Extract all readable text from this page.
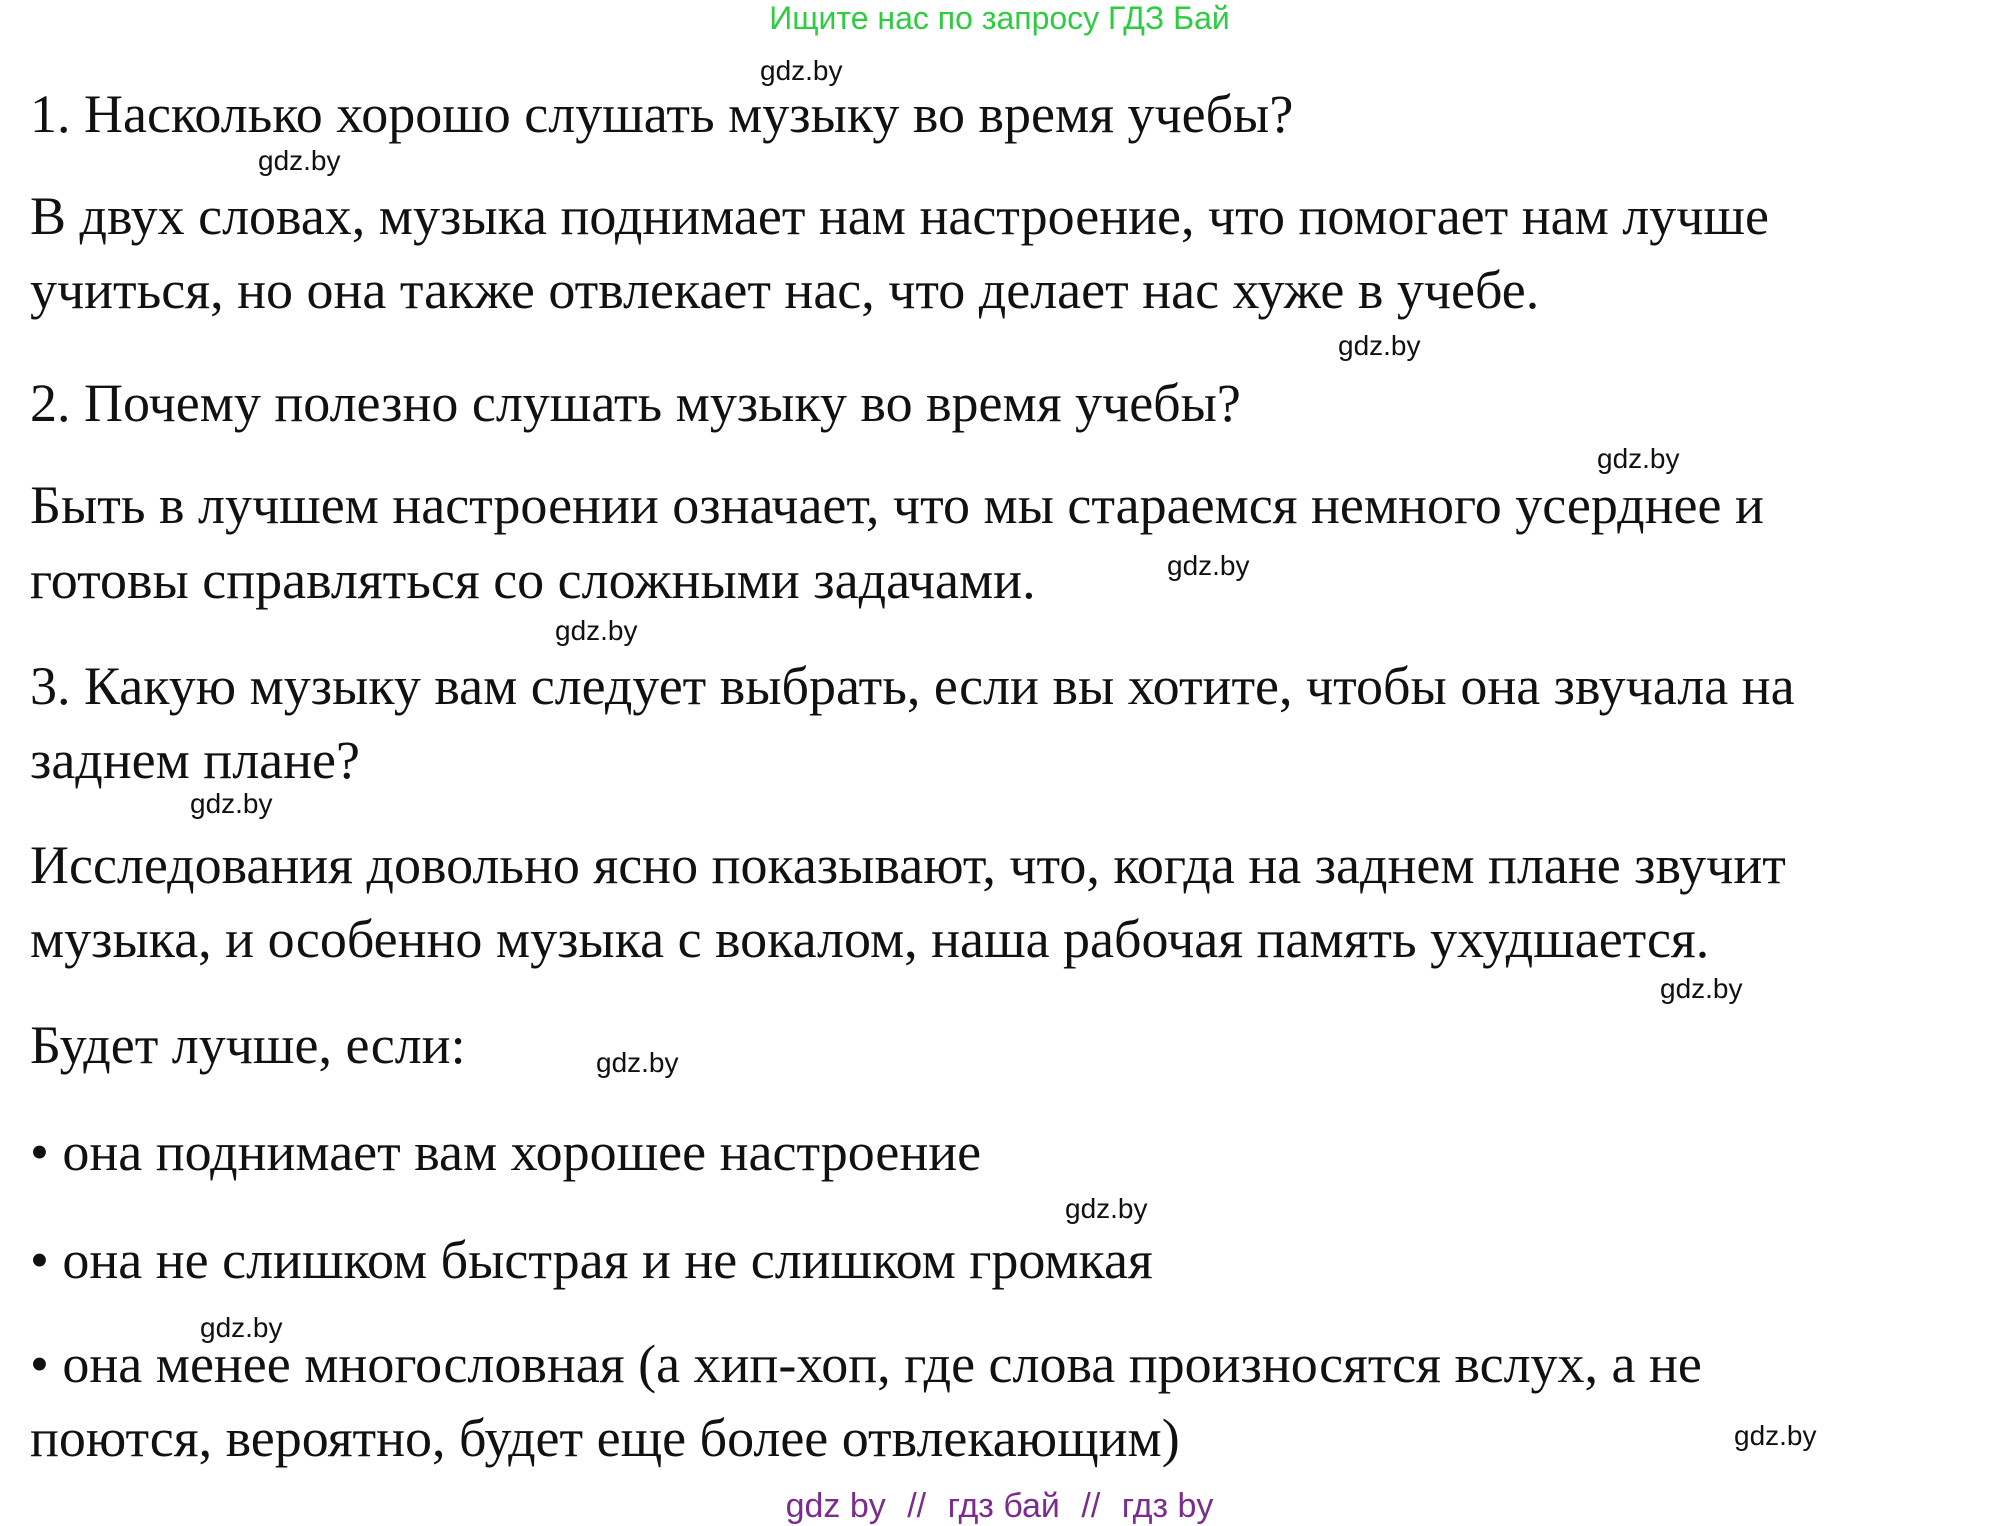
Ищите нас по запросу ГДЗ Бай
1. Насколько хорошо слушать музыку во время учебы?
В двух словах, музыка поднимает нам настроение, что помогает нам лучше
учиться, но она также отвлекает нас, что делает нас хуже в учебе.
2. Почему полезно слушать музыку во время учебы?
Быть в лучшем настроении означает, что мы стараемся немного усерднее и
готовы справляться со сложными задачами.
3. Какую музыку вам следует выбрать, если вы хотите, чтобы она звучала на
заднем плане?
Исследования довольно ясно показывают, что, когда на заднем плане звучит
музыка, и особенно музыка с вокалом, наша рабочая память ухудшается.
Будет лучше, если:
• она поднимает вам хорошее настроение
• она не слишком быстрая и не слишком громкая
• она менее многословная (а хип-хоп, где слова произносятся вслух, а не
поются, вероятно, будет еще более отвлекающим)
gdz.by
gdz.by
gdz.by
gdz.by
gdz.by
gdz.by
gdz.by
gdz.by
gdz.by
gdz.by
gdz.by
gdz.by
gdz by // гдз бай // гдз by
